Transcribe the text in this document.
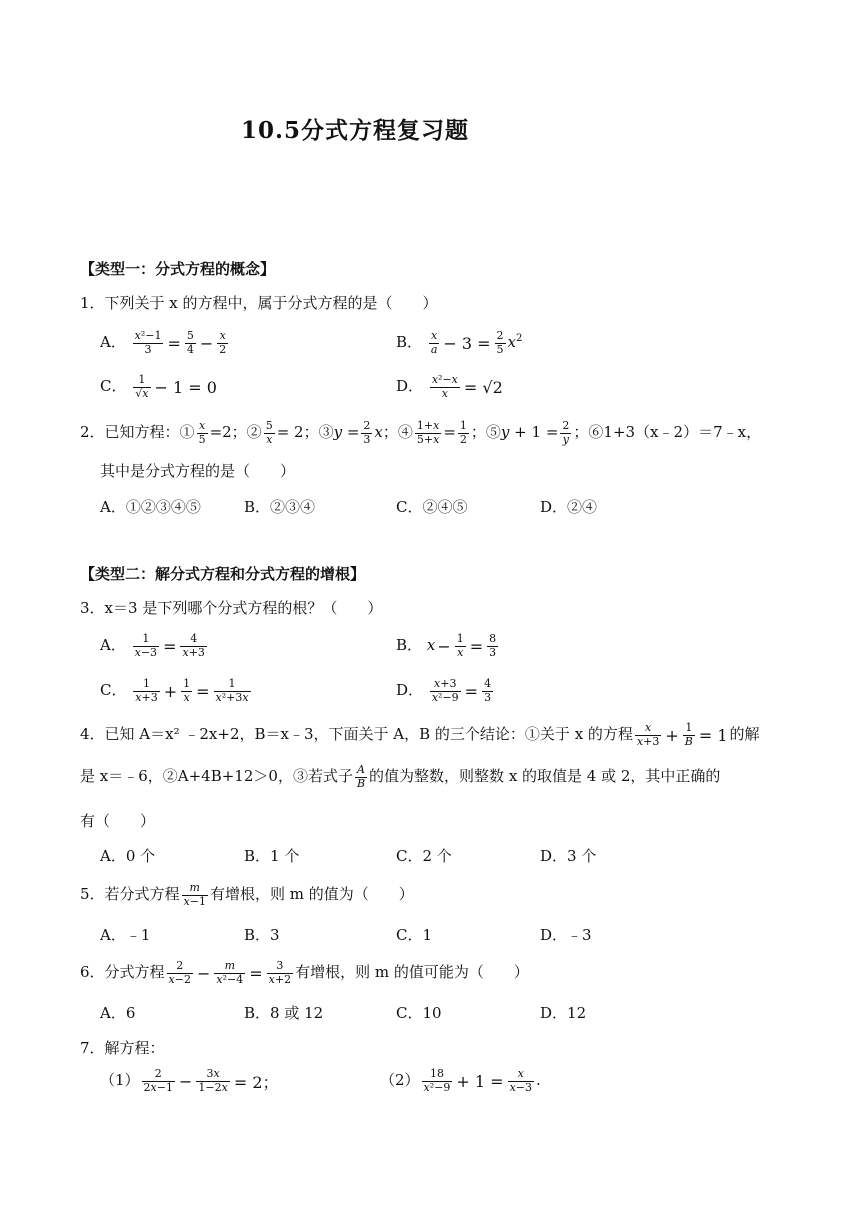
10.5分式方程复习题
【类型一：分式方程的概念】
1．下列关于 x 的方程中，属于分式方程的是（　　）
A． $\frac{\text{x²−1}}{3} = \frac{5}{4} - \frac{x}{2}$	B． $\frac{x}{a} - 3 = \frac{2}{5} x^2$
C． $\frac{1}{√x} - 1 = 0$	D． $\frac{\text{x²−x}}{x} = √2$
2．已知方程：① $\frac{x}{5} =2$；② $\frac{5}{x} = 2$；③y = $\frac{2}{3}$ x；④ $\frac{1+x}{5+x} = \frac{1}{2}$ ；⑤y + $1 = \frac{2}{y}$ ；⑥1+3（x﹣2）＝7﹣x，
其中是分式方程的是（　　）
A．①②③④⑤	B．②③④	C．②④⑤	D．②④
【类型二：解分式方程和分式方程的增根】
3．x＝3 是下列哪个分式方程的根？（　　）
A． $\frac{1}{x-3} = \frac{4}{x+3}$	B． $x - \frac{1}{x} = \frac{8}{3}$
C． $\frac{1}{x+3} + \frac{1}{x} = \frac{1}{\text{x²+3x}}$	D． $\frac{x+3}{\text{x²−9}} = \frac{4}{3}$
4．已知 A＝x² ﹣2x+2，B＝x﹣3，下面关于 A，B 的三个结论：①关于 x 的方程 $\frac{x}{x+3} + \frac{1}{B} = 1$ 的解
是 x＝﹣6，②A+4B+12＞0，③若式子 $\frac{A}{B}$ 的值为整数，则整数 x 的取值是 4 或 2，其中正确的
有（　　）
A．0 个	B．1 个	C．2 个	D．3 个
5．若分式方程 $\frac{m}{x-1}$ 有增根，则 m 的值为（　　）
A．﹣1	B．3	C．1	D．﹣3
6．分式方程 $\frac{2}{x-2} - \frac{m}{\text{x²−4}} = \frac{3}{x+2}$ 有增根，则 m 的值可能为（　　）
A．6	B．8 或 12	C．10	D．12
7．解方程：
$(1) \frac{2}{2x-1} - \frac{3x}{1-2x} = 2$；	$(2) \frac{18}{\text{x²−9}} + 1 = \frac{x}{x-3}$ .
